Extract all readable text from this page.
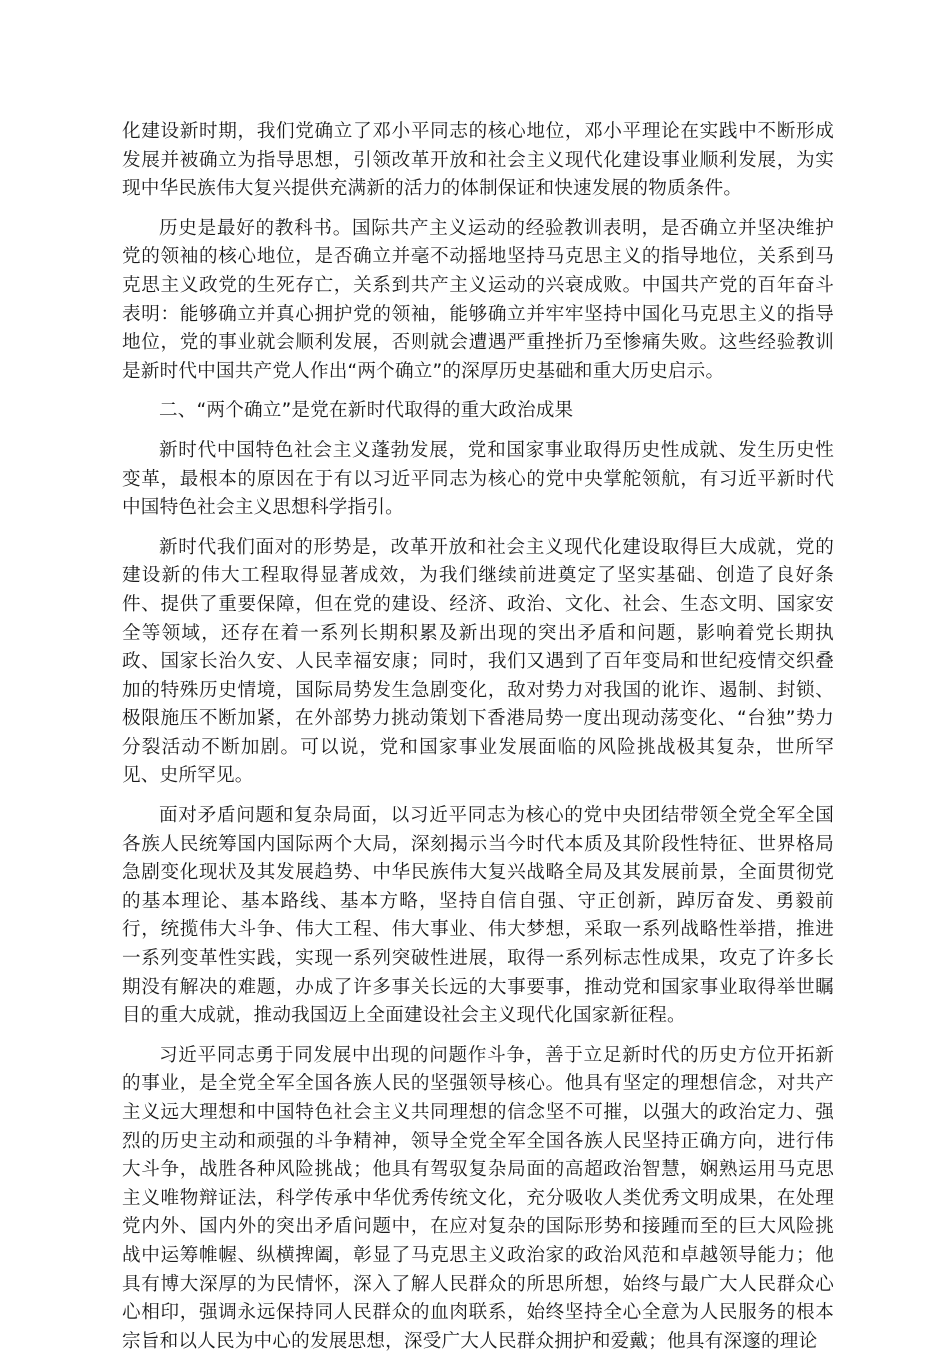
化建设新时期，我们党确立了邓小平同志的核心地位，邓小平理论在实践中不断形成发展并被确立为指导思想，引领改革开放和社会主义现代化建设事业顺利发展，为实现中华民族伟大复兴提供充满新的活力的体制保证和快速发展的物质条件。

历史是最好的教科书。国际共产主义运动的经验教训表明，是否确立并坚决维护党的领袖的核心地位，是否确立并毫不动摇地坚持马克思主义的指导地位，关系到马克思主义政党的生死存亡，关系到共产主义运动的兴衰成败。中国共产党的百年奋斗表明：能够确立并真心拥护党的领袖，能够确立并牢牢坚持中国化马克思主义的指导地位，党的事业就会顺利发展，否则就会遭遇严重挫折乃至惨痛失败。这些经验教训是新时代中国共产党人作出“两个确立”的深厚历史基础和重大历史启示。

二、“两个确立”是党在新时代取得的重大政治成果

新时代中国特色社会主义蓬勃发展，党和国家事业取得历史性成就、发生历史性变革，最根本的原因在于有以习近平同志为核心的党中央掌舵领航，有习近平新时代中国特色社会主义思想科学指引。

新时代我们面对的形势是，改革开放和社会主义现代化建设取得巨大成就，党的建设新的伟大工程取得显著成效，为我们继续前进奠定了坚实基础、创造了良好条件、提供了重要保障，但在党的建设、经济、政治、文化、社会、生态文明、国家安全等领域，还存在着一系列长期积累及新出现的突出矛盾和问题，影响着党长期执政、国家长治久安、人民幸福安康；同时，我们又遇到了百年变局和世纪疫情交织叠加的特殊历史情境，国际局势发生急剧变化，敌对势力对我国的讹诈、遏制、封锁、极限施压不断加紧，在外部势力挑动策划下香港局势一度出现动荡变化、“台独”势力分裂活动不断加剧。可以说，党和国家事业发展面临的风险挑战极其复杂，世所罕见、史所罕见。

面对矛盾问题和复杂局面，以习近平同志为核心的党中央团结带领全党全军全国各族人民统筹国内国际两个大局，深刻揭示当今时代本质及其阶段性特征、世界格局急剧变化现状及其发展趋势、中华民族伟大复兴战略全局及其发展前景，全面贯彻党的基本理论、基本路线、基本方略，坚持自信自强、守正创新，踔厉奋发、勇毅前行，统揽伟大斗争、伟大工程、伟大事业、伟大梦想，采取一系列战略性举措，推进一系列变革性实践，实现一系列突破性进展，取得一系列标志性成果，攻克了许多长期没有解决的难题，办成了许多事关长远的大事要事，推动党和国家事业取得举世瞩目的重大成就，推动我国迈上全面建设社会主义现代化国家新征程。

习近平同志勇于同发展中出现的问题作斗争，善于立足新时代的历史方位开拓新的事业，是全党全军全国各族人民的坚强领导核心。他具有坚定的理想信念，对共产主义远大理想和中国特色社会主义共同理想的信念坚不可摧，以强大的政治定力、强烈的历史主动和顽强的斗争精神，领导全党全军全国各族人民坚持正确方向，进行伟大斗争，战胜各种风险挑战；他具有驾驭复杂局面的高超政治智慧，娴熟运用马克思主义唯物辩证法，科学传承中华优秀传统文化，充分吸收人类优秀文明成果，在处理党内外、国内外的突出矛盾问题中，在应对复杂的国际形势和接踵而至的巨大风险挑战中运筹帷幄、纵横捭阖，彰显了马克思主义政治家的政治风范和卓越领导能力；他具有博大深厚的为民情怀，深入了解人民群众的所思所想，始终与最广大人民群众心心相印，强调永远保持同人民群众的血肉联系，始终坚持全心全意为人民服务的根本宗旨和以人民为中心的发展思想，深受广大人民群众拥护和爱戴；他具有深邃的理论
